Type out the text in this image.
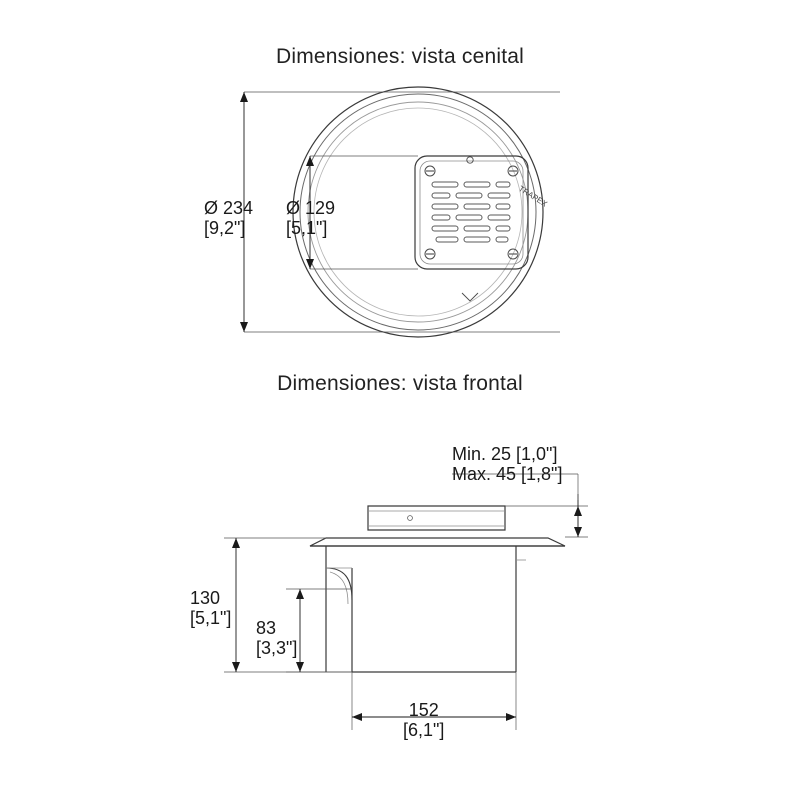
Dimensiones: vista cenital
Dimensiones: vista frontal
TRAPEX
Ø 234
[9,2"]
Ø 129
[5,1"]
Min. 25 [1,0"]
Max. 45 [1,8"]
130
[5,1"] 83
[3,3"]
152
[6,1"]
